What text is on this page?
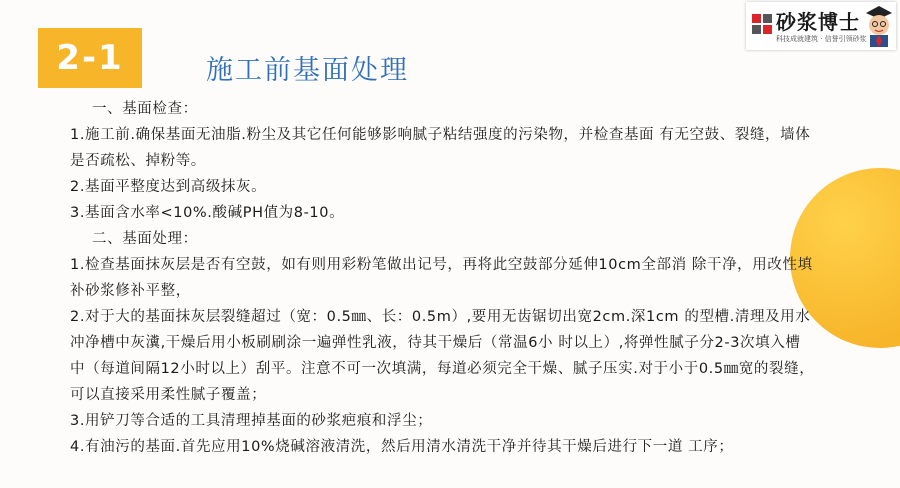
2-1	施工前基面处理
砂浆博士
科技成就建筑 · 信誉引领砂浆

一、基面检查：

1.施工前.确保基面无油脂.粉尘及其它任何能够影响腻子粘结强度的污染物，并检查基面 有无空鼓、裂缝，墙体是否疏松、掉粉等。

2.基面平整度达到高级抹灰。

3.基面含水率<10%.酸碱PH值为8-10。

二、基面处理：

1.检查基面抹灰层是否有空鼓，如有则用彩粉笔做出记号，再将此空鼓部分延伸10cm全部消 除干净，用改性填补砂浆修补平整，

2.对于大的基面抹灰层裂缝超过（宽：0.5㎜、长：0.5m）,要用无齿锯切出宽2cm.深1cm 的型槽.清理及用水冲净槽中灰瀵,干燥后用小板刷刷涂一遍弹性乳液，待其干燥后（常温6小 时以上）,将弹性腻子分2-3次填入槽中（每道间隔12小时以上）刮平。注意不可一次填满，每道必须完全干燥、腻子压实.对于小于0.5㎜宽的裂缝，可以直接采用柔性腻子覆盖；

3.用铲刀等合适的工具清理掉基面的砂浆疤痕和浮尘；

4.有油污的基面.首先应用10%烧碱溶液清洗，然后用清水清洗干净并待其干燥后进行下一道 工序；
